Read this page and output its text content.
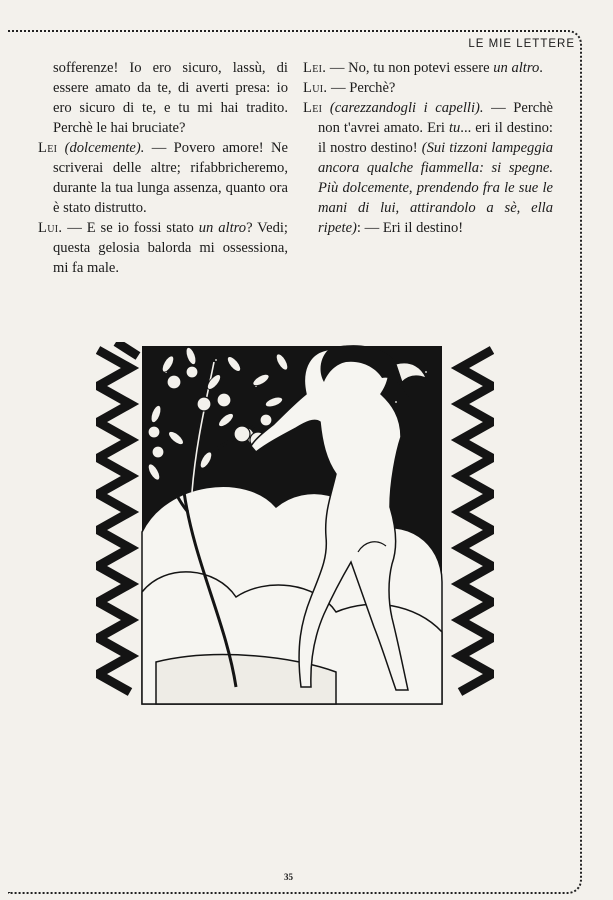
LE MIE LETTERE

sofferenze! Io ero sicuro, lassù, di essere amato da te, di averti presa: io ero sicuro di te, e tu mi hai tradito. Perchè le hai bruciate?

Lei (dolcemente). — Povero amore! Ne scriverai delle altre; rifabbricheremo, durante la tua lunga assenza, quanto ora è stato distrutto.

Lui. — E se io fossi stato un altro? Vedi; questa gelosia balorda mi ossessiona, mi fa male.

Lei. — No, tu non potevi essere un altro.

Lui. — Perchè?

Lei (carezzandogli i capelli). — Perchè non t'avrei amato. Eri tu... eri il destino: il nostro destino! (Sui tizzoni lampeggia ancora qualche fiammella: si spegne. Più dolcemente, prendendo fra le sue le mani di lui, attirandolo a sè, ella ripete): — Eri il destino!

35
